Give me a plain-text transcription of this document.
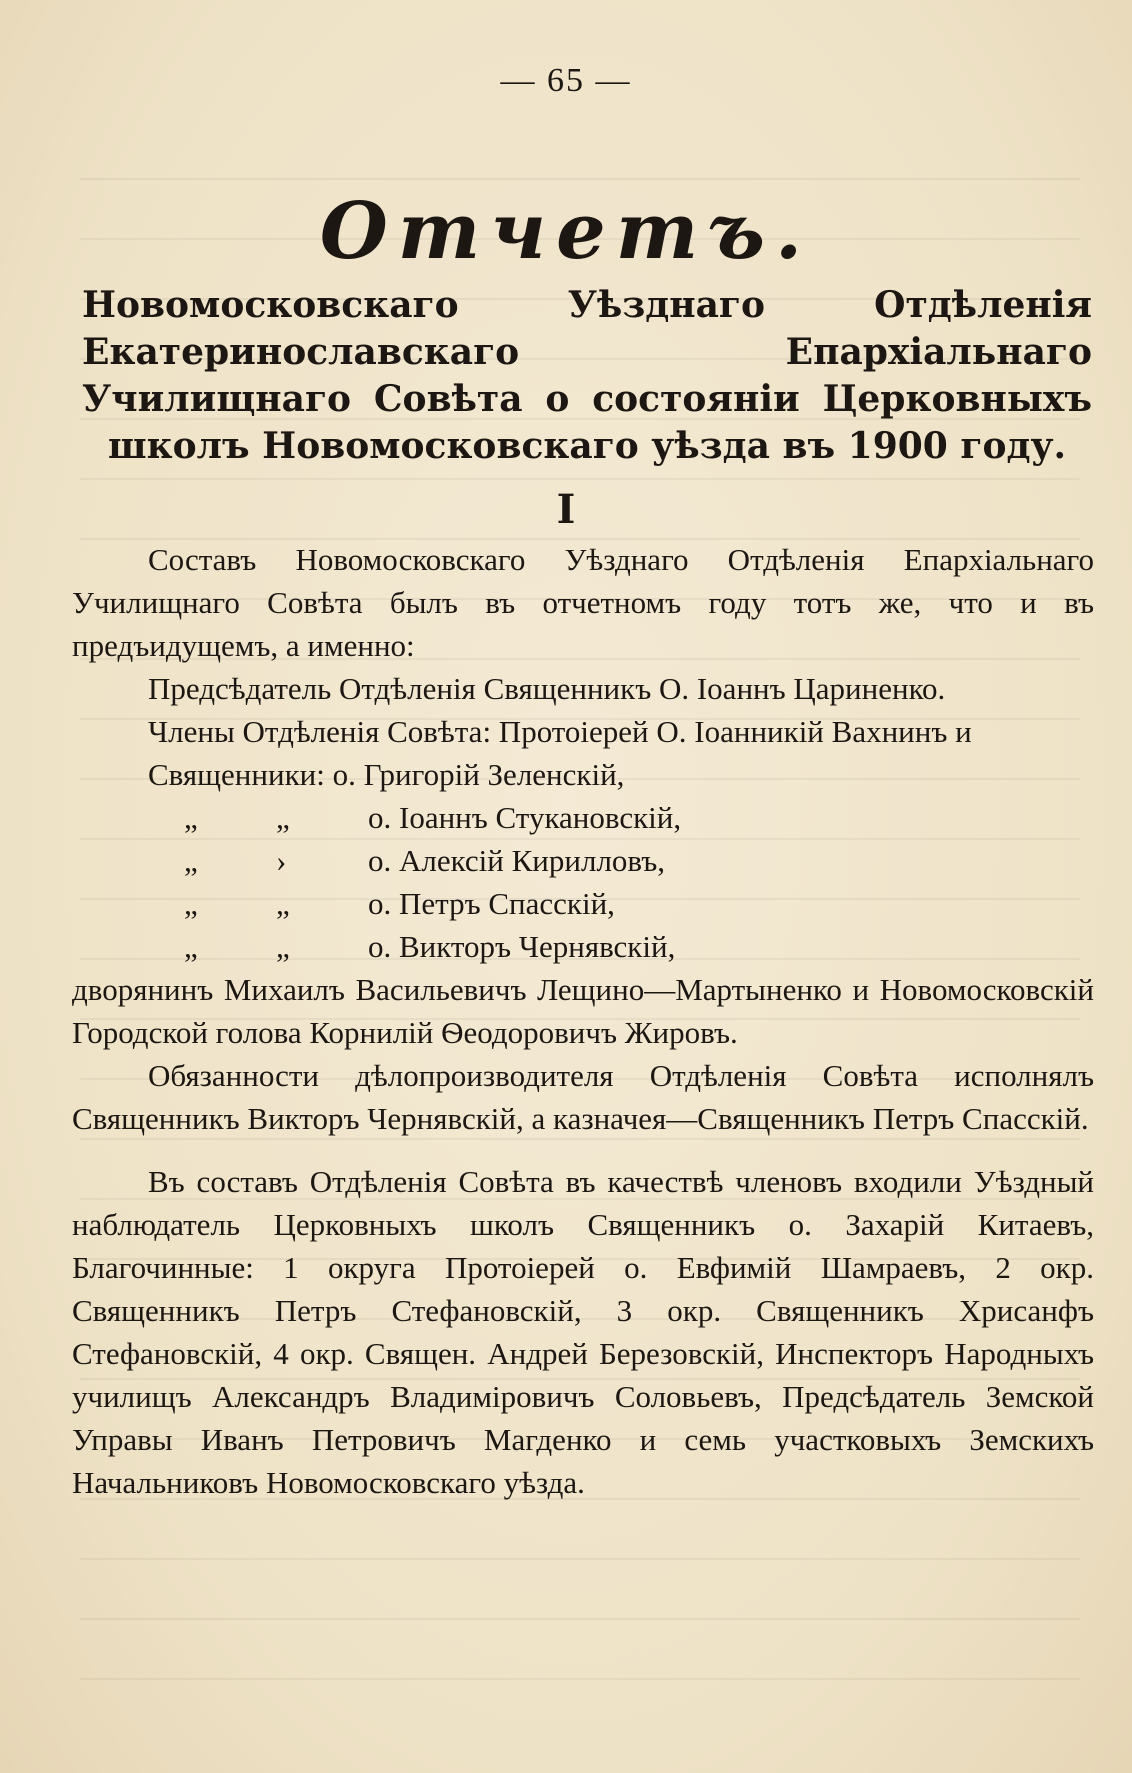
— 65 —
Отчетъ.
Новомосковскаго Уѣзднаго Отдѣленія Екатеринославскаго Епархіальнаго Училищнаго Совѣта о состояніи Церковныхъ школъ Новомосковскаго уѣзда въ 1900 году.
I

Составъ Новомосковскаго Уѣзднаго Отдѣленія Епархіальнаго Училищнаго Совѣта былъ въ отчетномъ году тотъ же, что и въ предъидущемъ, а именно:

Предсѣдатель Отдѣленія Священникъ О. Іоаннъ Цариненко.
Члены Отдѣленія Совѣта: Протоіерей О. Іоанникій Вахнинъ и
Священники: о. Григорій Зеленскій,
„	„	о. Іоаннъ Стукановскій,
„	›	о. Алексій Кирилловъ,
„	„	о. Петръ Спасскій,
„	„	о. Викторъ Чернявскій,

дворянинъ Михаилъ Васильевичъ Лещино—Мартыненко и Новомосковскій Городской голова Корнилій Ѳеодоровичъ Жировъ.

Обязанности дѣлопроизводителя Отдѣленія Совѣта исполнялъ Священникъ Викторъ Чернявскій, а казначея—Священникъ Петръ Спасскій.

Въ составъ Отдѣленія Совѣта въ качествѣ членовъ входили Уѣздный наблюдатель Церковныхъ школъ Священникъ о. Захарій Китаевъ, Благочинные: 1 округа Протоіерей о. Евфимій Шамраевъ, 2 окр. Священникъ Петръ Стефановскій, 3 окр. Священникъ Хрисанфъ Стефановскій, 4 окр. Священ. Андрей Березовскій, Инспекторъ Народныхъ училищъ Александръ Владиміровичъ Соловьевъ, Предсѣдатель Земской Управы Иванъ Петровичъ Магденко и семь участковыхъ Земскихъ Начальниковъ Новомосковскаго уѣзда.
